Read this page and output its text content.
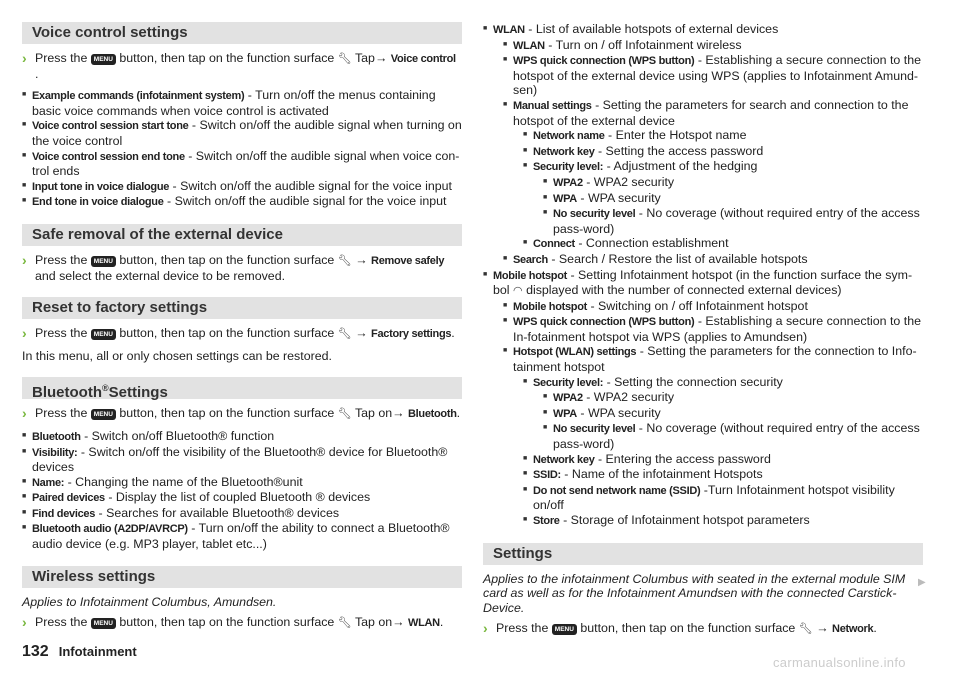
Voice control settings
› Press the MENU button, then tap on the function surface 🔧︎ Tap→ Voice control .
■ Example commands (infotainment system) - Turn on/off the menus containing basic voice commands when voice control is activated
■ Voice control session start tone - Switch on/off the audible signal when turning on the voice control
■ Voice control session end tone - Switch on/off the audible signal when voice con-trol ends
■ Input tone in voice dialogue - Switch on/off the audible signal for the voice input
■ End tone in voice dialogue - Switch on/off the audible signal for the voice input
Safe removal of the external device
› Press the MENU button, then tap on the function surface 🔧︎ → Remove safely and select the external device to be removed.
Reset to factory settings
› Press the MENU button, then tap on the function surface 🔧︎ → Factory settings.
In this menu, all or only chosen settings can be restored.
Bluetooth®Settings
› Press the MENU button, then tap on the function surface 🔧︎ Tap on→ Bluetooth.
■ Bluetooth - Switch on/off Bluetooth® function
■ Visibility: - Switch on/off the visibility of the Bluetooth® device for Bluetooth® devices
■ Name: - Changing the name of the Bluetooth®unit
■ Paired devices - Display the list of coupled Bluetooth ® devices
■ Find devices - Searches for available Bluetooth® devices
■ Bluetooth audio (A2DP/AVRCP) - Turn on/off the ability to connect a Bluetooth® audio device (e.g. MP3 player, tablet etc...)
Wireless settings
Applies to Infotainment Columbus, Amundsen.
› Press the MENU button, then tap on the function surface 🔧︎ Tap on→ WLAN.
■ WLAN - List of available hotspots of external devices
■ WLAN - Turn on / off Infotainment wireless
■ WPS quick connection (WPS button) - Establishing a secure connection to the hotspot of the external device using WPS (applies to Infotainment Amund-sen)
■ Manual settings - Setting the parameters for search and connection to the hotspot of the external device
■ Network name - Enter the Hotspot name
■ Network key - Setting the access password
■ Security level: - Adjustment of the hedging
■ WPA2 - WPA2 security
■ WPA - WPA security
■ No security level - No coverage (without required entry of the access pass-word)
■ Connect - Connection establishment
■ Search - Search / Restore the list of available hotspots
■ Mobile hotspot - Setting Infotainment hotspot (in the function surface the sym-bol ◠ displayed with the number of connected external devices)
■ Mobile hotspot - Switching on / off Infotainment hotspot
■ WPS quick connection (WPS button) - Establishing a secure connection to the In-fotainment hotspot via WPS (applies to Amundsen)
■ Hotspot (WLAN) settings - Setting the parameters for the connection to Info-tainment hotspot
■ Security level: - Setting the connection security
■ WPA2 - WPA2 security
■ WPA - WPA security
■ No security level - No coverage (without required entry of the access pass-word)
■ Network key - Entering the access password
■ SSID: - Name of the infotainment Hotspots
■ Do not send network name (SSID) -Turn Infotainment hotspot visibility on/off
■ Store - Storage of Infotainment hotspot parameters
Settings
Applies to the infotainment Columbus with seated in the external module SIM card as well as for the Infotainment Amundsen with the connected Carstick-Device.
› Press the MENU button, then tap on the function surface 🔧︎ → Network.
▶
132 Infotainment
carmanualsonline.info
